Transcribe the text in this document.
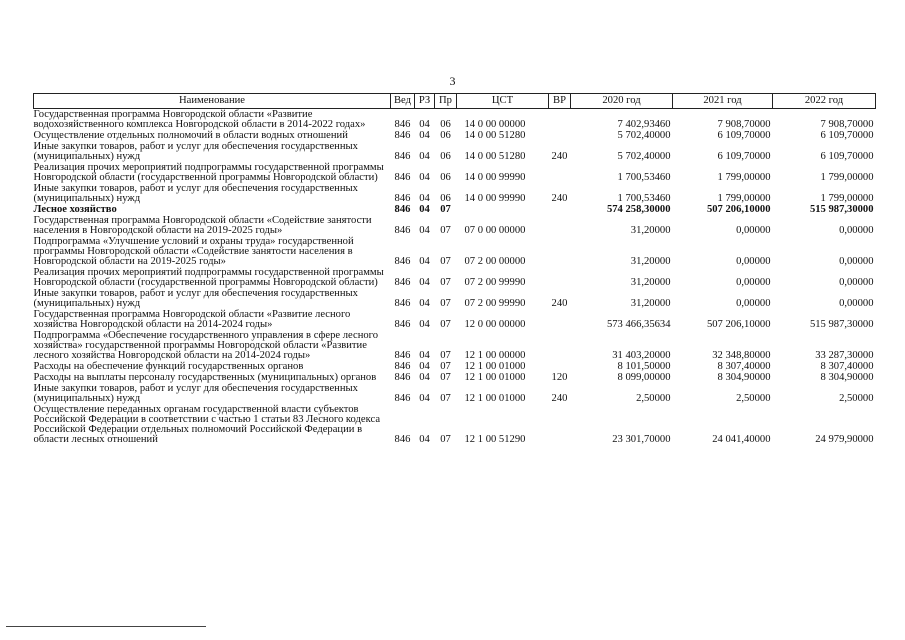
3
Наименование	Вед	РЗ	Пр	ЦСТ	ВР	2020 год	2021 год	2022 год
Государственная программа Новгородской области «Развитие водохозяйственного комплекса Новгородской области в 2014-2022 годах»	846	04	06	14 0 00 00000		7 402,93460	7 908,70000	7 908,70000
Осуществление отдельных полномочий в области водных отношений	846	04	06	14 0 00 51280		5 702,40000	6 109,70000	6 109,70000
Иные закупки товаров, работ и услуг для обеспечения государственных (муниципальных) нужд	846	04	06	14 0 00 51280	240	5 702,40000	6 109,70000	6 109,70000
Реализация прочих мероприятий подпрограммы государственной программы Новгородской области (государственной программы Новгородской области)	846	04	06	14 0 00 99990		1 700,53460	1 799,00000	1 799,00000
Иные закупки товаров, работ и услуг для обеспечения государственных (муниципальных) нужд	846	04	06	14 0 00 99990	240	1 700,53460	1 799,00000	1 799,00000
Лесное хозяйство	846	04	07			574 258,30000	507 206,10000	515 987,30000
Государственная программа Новгородской области «Содействие занятости населения в Новгородской области на 2019-2025 годы»	846	04	07	07 0 00 00000		31,20000	0,00000	0,00000
Подпрограмма «Улучшение условий и охраны труда» государственной программы Новгородской области «Содействие занятости населения в Новгородской области на 2019-2025 годы»	846	04	07	07 2 00 00000		31,20000	0,00000	0,00000
Реализация прочих мероприятий подпрограммы государственной программы Новгородской области (государственной программы Новгородской области)	846	04	07	07 2 00 99990		31,20000	0,00000	0,00000
Иные закупки товаров, работ и услуг для обеспечения государственных (муниципальных) нужд	846	04	07	07 2 00 99990	240	31,20000	0,00000	0,00000
Государственная программа Новгородской области «Развитие лесного хозяйства Новгородской области на 2014-2024 годы»	846	04	07	12 0 00 00000		573 466,35634	507 206,10000	515 987,30000
Подпрограмма «Обеспечение государственного управления в сфере лесного хозяйства» государственной программы Новгородской области «Развитие лесного хозяйства Новгородской области на 2014-2024 годы»	846	04	07	12 1 00 00000		31 403,20000	32 348,80000	33 287,30000
Расходы на обеспечение функций государственных органов	846	04	07	12 1 00 01000		8 101,50000	8 307,40000	8 307,40000
Расходы на выплаты персоналу государственных (муниципальных) органов	846	04	07	12 1 00 01000	120	8 099,00000	8 304,90000	8 304,90000
Иные закупки товаров, работ и услуг для обеспечения государственных (муниципальных) нужд	846	04	07	12 1 00 01000	240	2,50000	2,50000	2,50000
Осуществление переданных органам государственной власти субъектов Российской Федерации в соответствии с частью 1 статьи 83 Лесного кодекса Российской Федерации отдельных полномочий Российской Федерации в области лесных отношений	846	04	07	12 1 00 51290		23 301,70000	24 041,40000	24 979,90000
